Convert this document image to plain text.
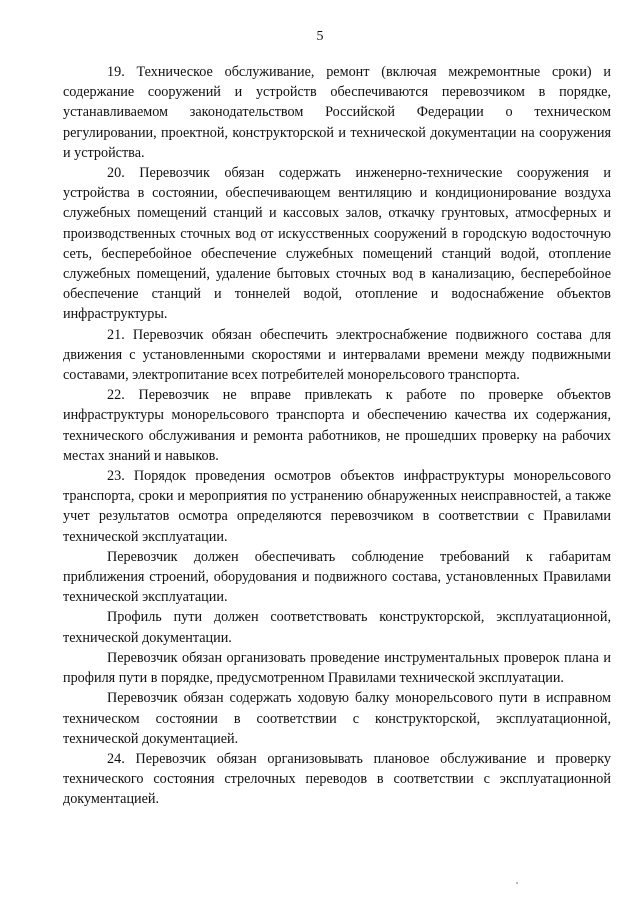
5

19. Техническое обслуживание, ремонт (включая межремонтные сроки) и содержание сооружений и устройств обеспечиваются перевозчиком в порядке, устанавливаемом законодательством Российской Федерации о техническом регулировании, проектной, конструкторской и технической документации на сооружения и устройства.

20. Перевозчик обязан содержать инженерно-технические сооружения и устройства в состоянии, обеспечивающем вентиляцию и кондиционирование воздуха служебных помещений станций и кассовых залов, откачку грунтовых, атмосферных и производственных сточных вод от искусственных сооружений в городскую водосточную сеть, бесперебойное обеспечение служебных помещений станций водой, отопление служебных помещений, удаление бытовых сточных вод в канализацию, бесперебойное обеспечение станций и тоннелей водой, отопление и водоснабжение объектов инфраструктуры.

21. Перевозчик обязан обеспечить электроснабжение подвижного состава для движения с установленными скоростями и интервалами времени между подвижными составами, электропитание всех потребителей монорельсового транспорта.

22. Перевозчик не вправе привлекать к работе по проверке объектов инфраструктуры монорельсового транспорта и обеспечению качества их содержания, технического обслуживания и ремонта работников, не прошедших проверку на рабочих местах знаний и навыков.

23. Порядок проведения осмотров объектов инфраструктуры монорельсового транспорта, сроки и мероприятия по устранению обнаруженных неисправностей, а также учет результатов осмотра определяются перевозчиком в соответствии с Правилами технической эксплуатации.

Перевозчик должен обеспечивать соблюдение требований к габаритам приближения строений, оборудования и подвижного состава, установленных Правилами технической эксплуатации.

Профиль пути должен соответствовать конструкторской, эксплуатационной, технической документации.

Перевозчик обязан организовать проведение инструментальных проверок плана и профиля пути в порядке, предусмотренном Правилами технической эксплуатации.

Перевозчик обязан содержать ходовую балку монорельсового пути в исправном техническом состоянии в соответствии с конструкторской, эксплуатационной, технической документацией.

24. Перевозчик обязан организовывать плановое обслуживание и проверку технического состояния стрелочных переводов в соответствии с эксплуатационной документацией.
